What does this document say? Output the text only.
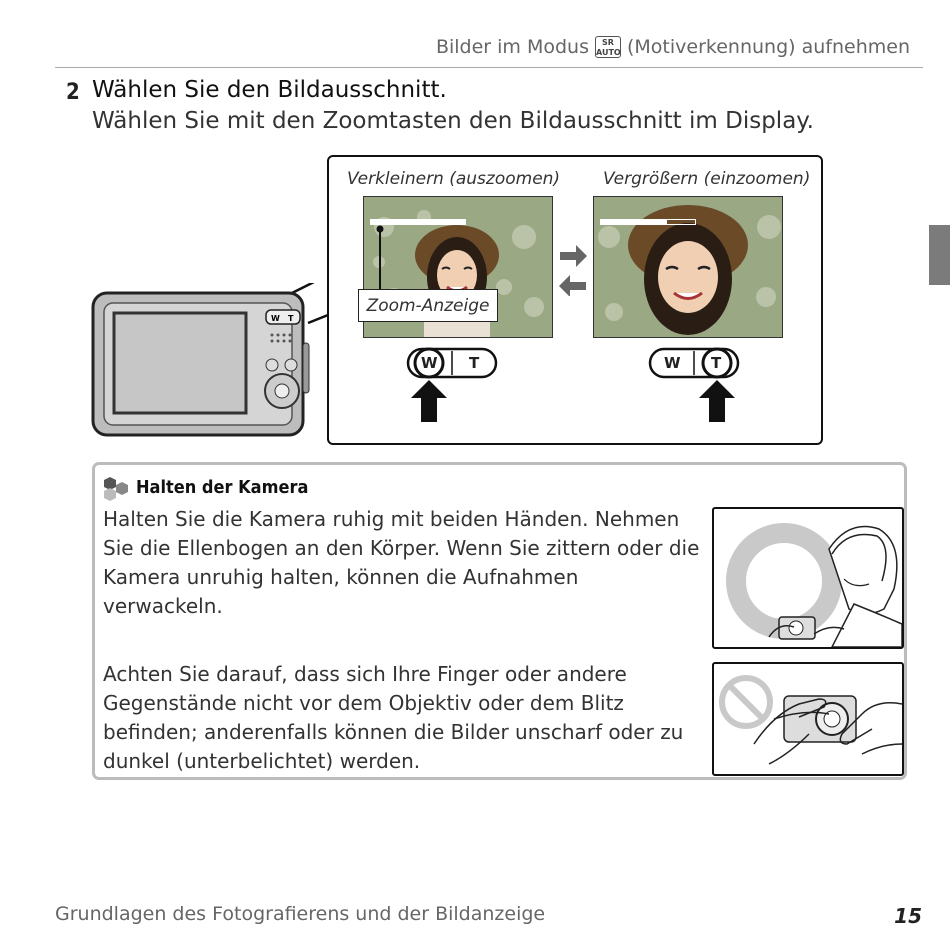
Bilder im Modus	SR
AUTO (Motiverkennung) aufnehmen
2 Wählen Sie den Bildausschnitt.
Wählen Sie mit den Zoomtasten den Bildausschnitt im Display.
W T
Verkleinern (auszoomen)	Vergrößern (einzoomen)
Zoom-Anzeige
W T	W T
Halten der Kamera
Halten Sie die Kamera ruhig mit beiden Händen. Nehmen Sie die Ellenbogen an den Körper. Wenn Sie zittern oder die Kamera unruhig halten, können die Aufnahmen verwackeln.
Achten Sie darauf, dass sich Ihre Finger oder andere Gegenstände nicht vor dem Objektiv oder dem Blitz befinden; anderenfalls können die Bilder unscharf oder zu dunkel (unterbelichtet) werden.
Grundlagen des Fotografierens und der Bildanzeige	15
